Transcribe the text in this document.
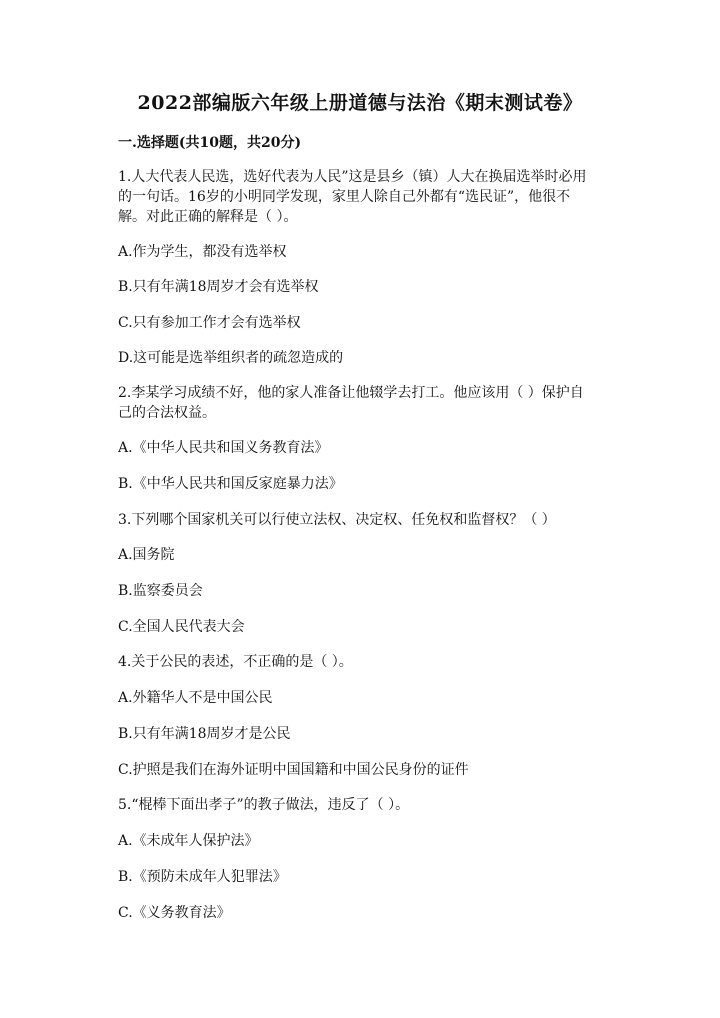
2022部编版六年级上册道德与法治《期末测试卷》
一.选择题(共10题，共20分)
1.人大代表人民选，选好代表为人民”这是县乡（镇）人大在换届选举时必用
的一句话。16岁的小明同学发现，家里人除自己外都有“选民证”，他很不
解。对此正确的解释是（ ）。
A.作为学生，都没有选举权
B.只有年满18周岁才会有选举权
C.只有参加工作才会有选举权
D.这可能是选举组织者的疏忽造成的
2.李某学习成绩不好，他的家人准备让他辍学去打工。他应该用（ ）保护自
己的合法权益。
A.《中华人民共和国义务教育法》
B.《中华人民共和国反家庭暴力法》
3.下列哪个国家机关可以行使立法权、决定权、任免权和监督权？（ ）
A.国务院
B.监察委员会
C.全国人民代表大会
4.关于公民的表述，不正确的是（ ）。
A.外籍华人不是中国公民
B.只有年满18周岁才是公民
C.护照是我们在海外证明中国国籍和中国公民身份的证件
5.“棍棒下面出孝子”的教子做法，违反了（ ）。
A.《未成年人保护法》
B.《预防未成年人犯罪法》
C.《义务教育法》
